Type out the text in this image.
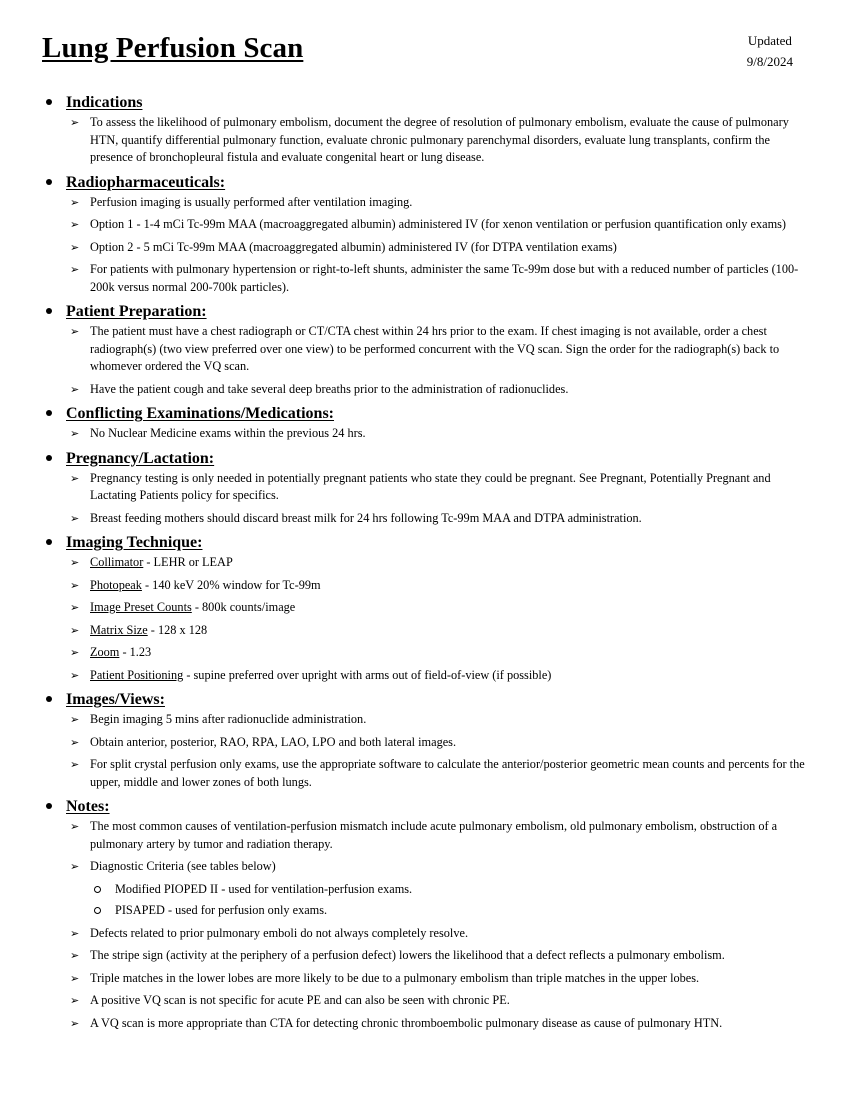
Lung Perfusion Scan	Updated
9/8/2024
Indications
➢ To assess the likelihood of pulmonary embolism, document the degree of resolution of pulmonary embolism, evaluate the cause of pulmonary HTN, quantify differential pulmonary function, evaluate chronic pulmonary parenchymal disorders, evaluate lung transplants, confirm the presence of bronchopleural fistula and evaluate congenital heart or lung disease.
Radiopharmaceuticals:
➢ Perfusion imaging is usually performed after ventilation imaging.
➢ Option 1 - 1-4 mCi Tc-99m MAA (macroaggregated albumin) administered IV (for xenon ventilation or perfusion quantification only exams)
➢ Option 2 - 5 mCi Tc-99m MAA (macroaggregated albumin) administered IV (for DTPA ventilation exams)
➢ For patients with pulmonary hypertension or right-to-left shunts, administer the same Tc-99m dose but with a reduced number of particles (100-200k versus normal 200-700k particles).
Patient Preparation:
➢ The patient must have a chest radiograph or CT/CTA chest within 24 hrs prior to the exam. If chest imaging is not available, order a chest radiograph(s) (two view preferred over one view) to be performed concurrent with the VQ scan. Sign the order for the radiograph(s) back to whomever ordered the VQ scan.
➢ Have the patient cough and take several deep breaths prior to the administration of radionuclides.
Conflicting Examinations/Medications:
➢ No Nuclear Medicine exams within the previous 24 hrs.
Pregnancy/Lactation:
➢ Pregnancy testing is only needed in potentially pregnant patients who state they could be pregnant. See Pregnant, Potentially Pregnant and Lactating Patients policy for specifics.
➢ Breast feeding mothers should discard breast milk for 24 hrs following Tc-99m MAA and DTPA administration.
Imaging Technique:
➢ Collimator - LEHR or LEAP
➢ Photopeak - 140 keV 20% window for Tc-99m
➢ Image Preset Counts - 800k counts/image
➢ Matrix Size - 128 x 128
➢ Zoom - 1.23
➢ Patient Positioning - supine preferred over upright with arms out of field-of-view (if possible)
Images/Views:
➢ Begin imaging 5 mins after radionuclide administration.
➢ Obtain anterior, posterior, RAO, RPA, LAO, LPO and both lateral images.
➢ For split crystal perfusion only exams, use the appropriate software to calculate the anterior/posterior geometric mean counts and percents for the upper, middle and lower zones of both lungs.
Notes:
➢ The most common causes of ventilation-perfusion mismatch include acute pulmonary embolism, old pulmonary embolism, obstruction of a pulmonary artery by tumor and radiation therapy.
➢ Diagnostic Criteria (see tables below)
Modified PIOPED II - used for ventilation-perfusion exams.
PISAPED - used for perfusion only exams.
➢ Defects related to prior pulmonary emboli do not always completely resolve.
➢ The stripe sign (activity at the periphery of a perfusion defect) lowers the likelihood that a defect reflects a pulmonary embolism.
➢ Triple matches in the lower lobes are more likely to be due to a pulmonary embolism than triple matches in the upper lobes.
➢ A positive VQ scan is not specific for acute PE and can also be seen with chronic PE.
➢ A VQ scan is more appropriate than CTA for detecting chronic thromboembolic pulmonary disease as cause of pulmonary HTN.
